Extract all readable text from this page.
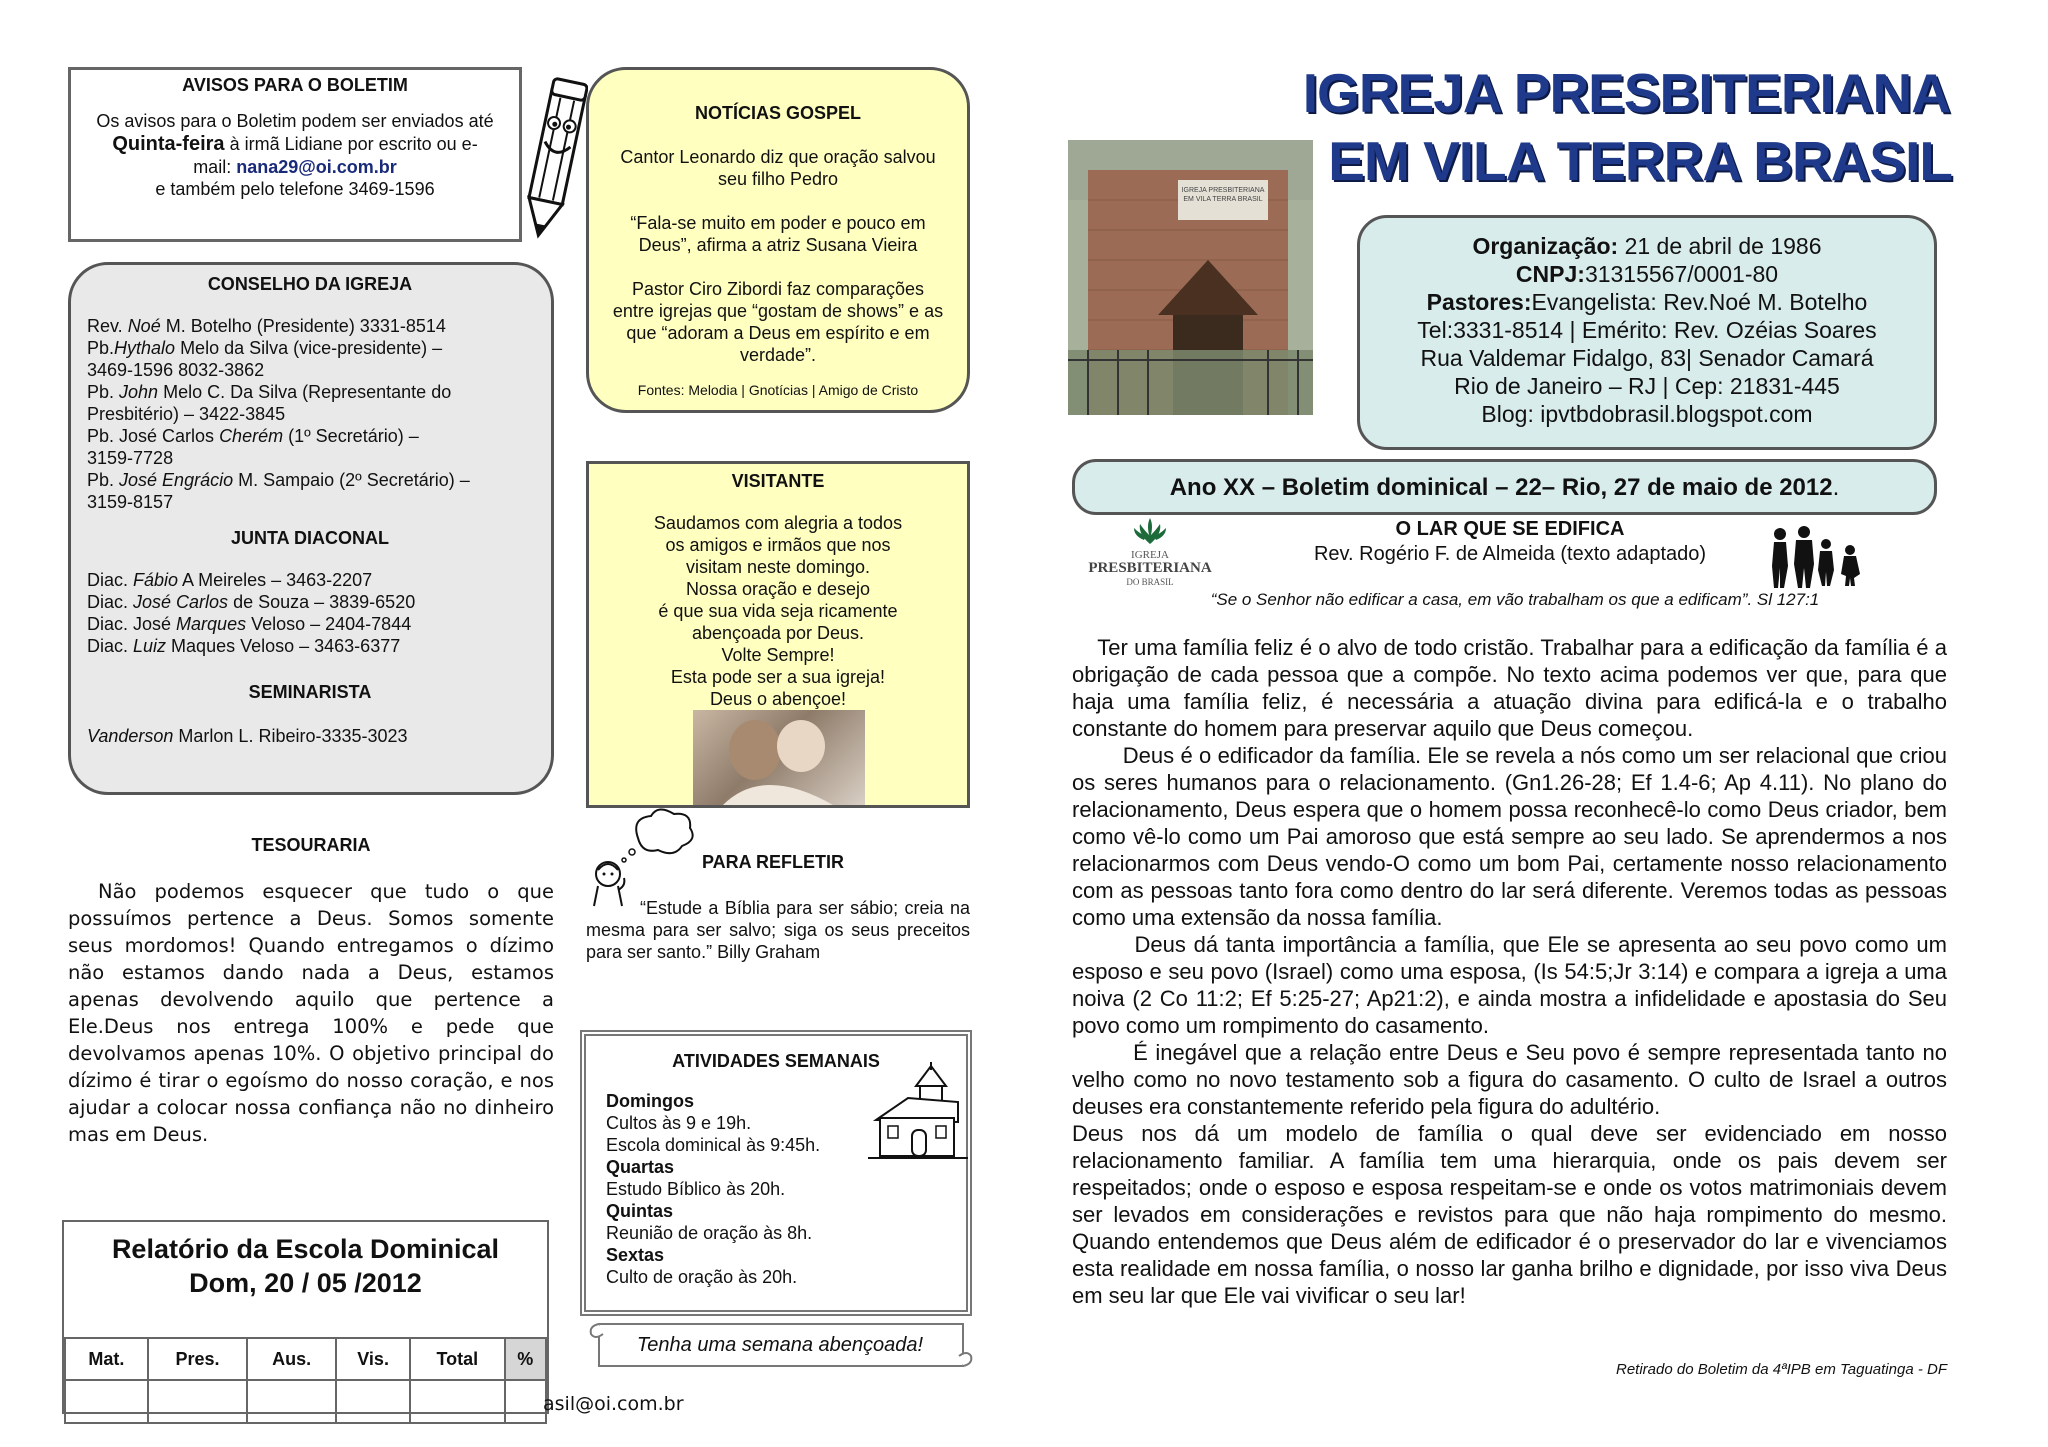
AVISOS PARA O BOLETIM

Os avisos para o Boletim podem ser enviados até

Quinta-feira à irmã Lidiane por escrito ou e-

mail: nana29@oi.com.br

e também pelo telefone 3469-1596

CONSELHO DA IGREJA

Rev. Noé M. Botelho (Presidente) 3331-8514

Pb.Hythalo Melo da Silva (vice-presidente) –

3469-1596 8032-3862

Pb. John Melo C. Da Silva (Representante do

Presbitério) – 3422-3845

Pb. José Carlos Cherém (1º Secretário) –

3159-7728

Pb. José Engrácio M. Sampaio (2º Secretário) –

3159-8157

JUNTA DIACONAL

Diac. Fábio A Meireles – 3463-2207

Diac. José Carlos de Souza – 3839-6520

Diac. José Marques Veloso – 2404-7844

Diac. Luiz Maques Veloso – 3463-6377

SEMINARISTA

Vanderson Marlon L. Ribeiro-3335-3023

TESOURARIA

Não podemos esquecer que tudo o que possuímos pertence a Deus. Somos somente seus mordomos! Quando entregamos o dízimo não estamos dando nada a Deus, estamos apenas devolvendo aquilo que pertence a Ele.Deus nos entrega 100% e pede que devolvamos apenas 10%. O objetivo principal do dízimo é tirar o egoísmo do nosso coração, e nos ajudar a colocar nossa confiança não no dinheiro mas em Deus.

Relatório da Escola Dominical

Dom, 20 / 05 /2012

Mat.	Pres.	Aus.	Vis.	Total	%

asil@oi.com.br

NOTÍCIAS GOSPEL

Cantor Leonardo diz que oração salvou seu filho Pedro

“Fala-se muito em poder e pouco em Deus”, afirma a atriz Susana Vieira

Pastor Ciro Zibordi faz comparações entre igrejas que “gostam de shows” e as que “adoram a Deus em espírito e em verdade”.

Fontes: Melodia | Gnotícias | Amigo de Cristo

VISITANTE

Saudamos com alegria a todos

os amigos e irmãos que nos

visitam neste domingo.

Nossa oração e desejo

é que sua vida seja ricamente

abençoada por Deus.

Volte Sempre!

Esta pode ser a sua igreja!

Deus o abençoe!

PARA REFLETIR

“Estude a Bíblia para ser sábio; creia na mesma para ser salvo; siga os seus preceitos para ser santo.” Billy Graham

ATIVIDADES SEMANAIS

Domingos

Cultos às 9 e 19h.

Escola dominical às 9:45h.

Quartas

Estudo Bíblico às 20h.

Quintas

Reunião de oração às 8h.

Sextas

Culto de oração às 20h.

Tenha uma semana abençoada!

IGREJA PRESBITERIANA EM VILA TERRA BRASIL

IGREJA PRESBITERIANA

EM VILA TERRA BRASIL

Organização: 21 de abril de 1986

CNPJ:31315567/0001-80

Pastores:Evangelista: Rev.Noé M. Botelho

Tel:3331-8514 | Emérito: Rev. Ozéias Soares

Rua Valdemar Fidalgo, 83| Senador Camará

Rio de Janeiro – RJ | Cep: 21831-445

Blog: ipvtbdobrasil.blogspot.com

Ano XX – Boletim dominical – 22– Rio, 27 de maio de 2012.

IGREJA

PRESBITERIANA

DO BRASIL

O LAR QUE SE EDIFICA

Rev. Rogério F. de Almeida (texto adaptado)

“Se o Senhor não edificar a casa, em vão trabalham os que a edificam”. Sl 127:1

Ter uma família feliz é o alvo de todo cristão. Trabalhar para a edificação da família é a obrigação de cada pessoa que a compõe. No texto acima podemos ver que, para que haja uma família feliz, é necessária a atuação divina para edificá-la e o trabalho constante do homem para preservar aquilo que Deus começou.

Deus é o edificador da família. Ele se revela a nós como um ser relacional que criou os seres humanos para o relacionamento. (Gn1.26-28; Ef 1.4-6; Ap 4.11). No plano do relacionamento, Deus espera que o homem possa reconhecê-lo como Deus criador, bem como vê-lo como um Pai amoroso que está sempre ao seu lado. Se aprendermos a nos relacionarmos com Deus vendo-O como um bom Pai, certamente nosso relacionamento com as pessoas tanto fora como dentro do lar será diferente. Veremos todas as pessoas como uma extensão da nossa família.

Deus dá tanta importância a família, que Ele se apresenta ao seu povo como um esposo e seu povo (Israel) como uma esposa, (Is 54:5;Jr 3:14) e compara a igreja a uma noiva (2 Co 11:2; Ef 5:25-27; Ap21:2), e ainda mostra a infidelidade e apostasia do Seu povo como um rompimento do casamento.

É inegável que a relação entre Deus e Seu povo é sempre representada tanto no velho como no novo testamento sob a figura do casamento. O culto de Israel a outros deuses era constantemente referido pela figura do adultério.

Deus nos dá um modelo de família o qual deve ser evidenciado em nosso relacionamento familiar. A família tem uma hierarquia, onde os pais devem ser respeitados; onde o esposo e esposa respeitam-se e onde os votos matrimoniais devem ser levados em considerações e revistos para que não haja rompimento do mesmo. Quando entendemos que Deus além de edificador é o preservador do lar e vivenciamos esta realidade em nossa família, o nosso lar ganha brilho e dignidade, por isso viva Deus em seu lar que Ele vai vivificar o seu lar!

Retirado do Boletim da 4ªIPB em Taguatinga - DF
